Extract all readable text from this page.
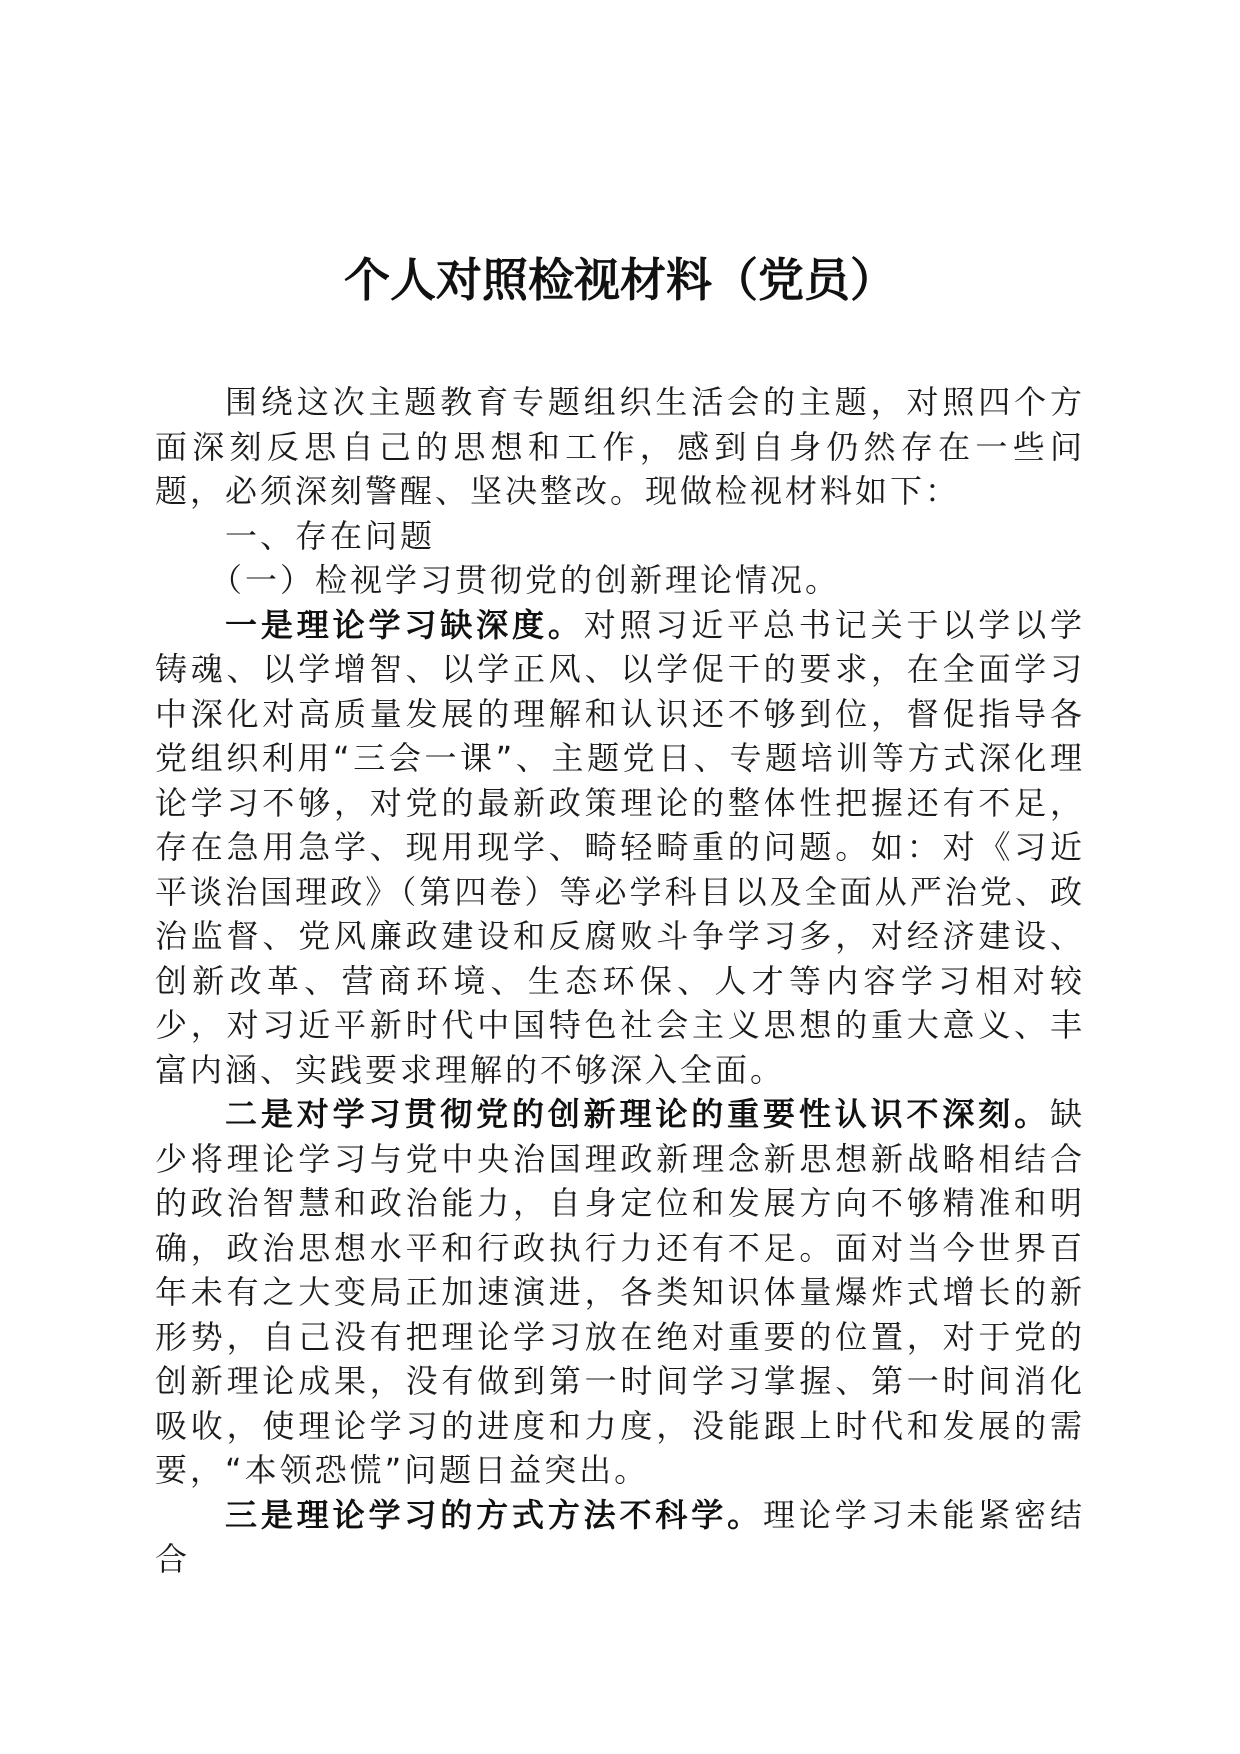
个人对照检视材料（党员）

围绕这次主题教育专题组织生活会的主题，对照四个方面深刻反思自己的思想和工作，感到自身仍然存在一些问题，必须深刻警醒、坚决整改。现做检视材料如下：

一、存在问题

（一）检视学习贯彻党的创新理论情况。

一是理论学习缺深度。对照习近平总书记关于以学以学铸魂、以学增智、以学正风、以学促干的要求，在全面学习中深化对高质量发展的理解和认识还不够到位，督促指导各党组织利用“三会一课”、主题党日、专题培训等方式深化理论学习不够，对党的最新政策理论的整体性把握还有不足，存在急用急学、现用现学、畸轻畸重的问题。如：对《习近平谈治国理政》（第四卷）等必学科目以及全面从严治党、政治监督、党风廉政建设和反腐败斗争学习多，对经济建设、创新改革、营商环境、生态环保、人才等内容学习相对较少，对习近平新时代中国特色社会主义思想的重大意义、丰富内涵、实践要求理解的不够深入全面。

二是对学习贯彻党的创新理论的重要性认识不深刻。缺少将理论学习与党中央治国理政新理念新思想新战略相结合的政治智慧和政治能力，自身定位和发展方向不够精准和明确，政治思想水平和行政执行力还有不足。面对当今世界百年未有之大变局正加速演进，各类知识体量爆炸式增长的新形势，自己没有把理论学习放在绝对重要的位置，对于党的创新理论成果，没有做到第一时间学习掌握、第一时间消化吸收，使理论学习的进度和力度，没能跟上时代和发展的需要，“本领恐慌”问题日益突出。

三是理论学习的方式方法不科学。理论学习未能紧密结合
